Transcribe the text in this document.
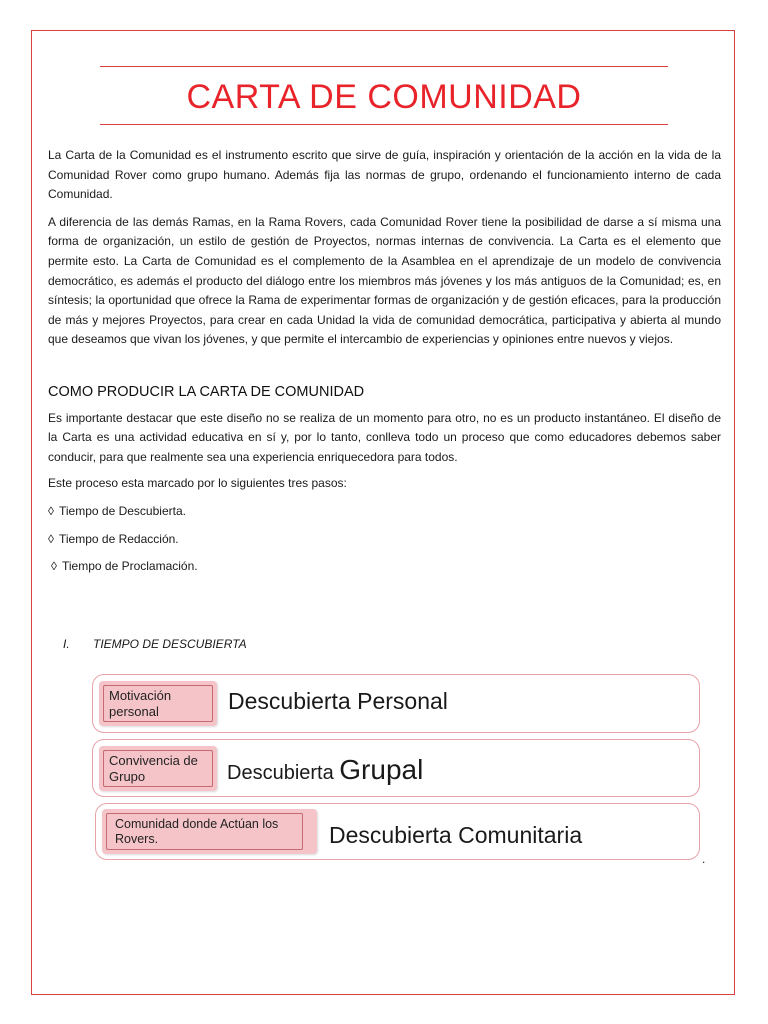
CARTA DE COMUNIDAD

La Carta de la Comunidad es el instrumento escrito que sirve de guía, inspiración y orientación de la acción en la vida de la Comunidad Rover como grupo humano. Además fija las normas de grupo, ordenando el funcionamiento interno de cada Comunidad.

A diferencia de las demás Ramas, en la Rama Rovers, cada Comunidad Rover tiene la posibilidad de darse a sí misma una forma de organización, un estilo de gestión de Proyectos, normas internas de convivencia. La Carta es el elemento que permite esto. La Carta de Comunidad es el complemento de la Asamblea en el aprendizaje de un modelo de convivencia democrático, es además el producto del diálogo entre los miembros más jóvenes y los más antiguos de la Comunidad; es, en síntesis; la oportunidad que ofrece la Rama de experimentar formas de organización y de gestión eficaces, para la producción de más y mejores Proyectos, para crear en cada Unidad la vida de comunidad democrática, participativa y abierta al mundo que deseamos que vivan los jóvenes, y que permite el intercambio de experiencias y opiniones entre nuevos y viejos.

COMO PRODUCIR LA CARTA DE COMUNIDAD

Es importante destacar que este diseño no se realiza de un momento para otro, no es un producto instantáneo. El diseño de la Carta es una actividad educativa en sí y, por lo tanto, conlleva todo un proceso que como educadores debemos saber conducir, para que realmente sea una experiencia enriquecedora para todos.

Este proceso esta marcado por lo siguientes tres pasos:

◊ Tiempo de Descubierta.
◊ Tiempo de Redacción.
◊ Tiempo de Proclamación.
I. TIEMPO DE DESCUBIERTA
Motivación personal	Descubierta Personal
Convivencia de Grupo	Descubierta Grupal
Comunidad donde Actúan los Rovers.	Descubierta Comunitaria
.
